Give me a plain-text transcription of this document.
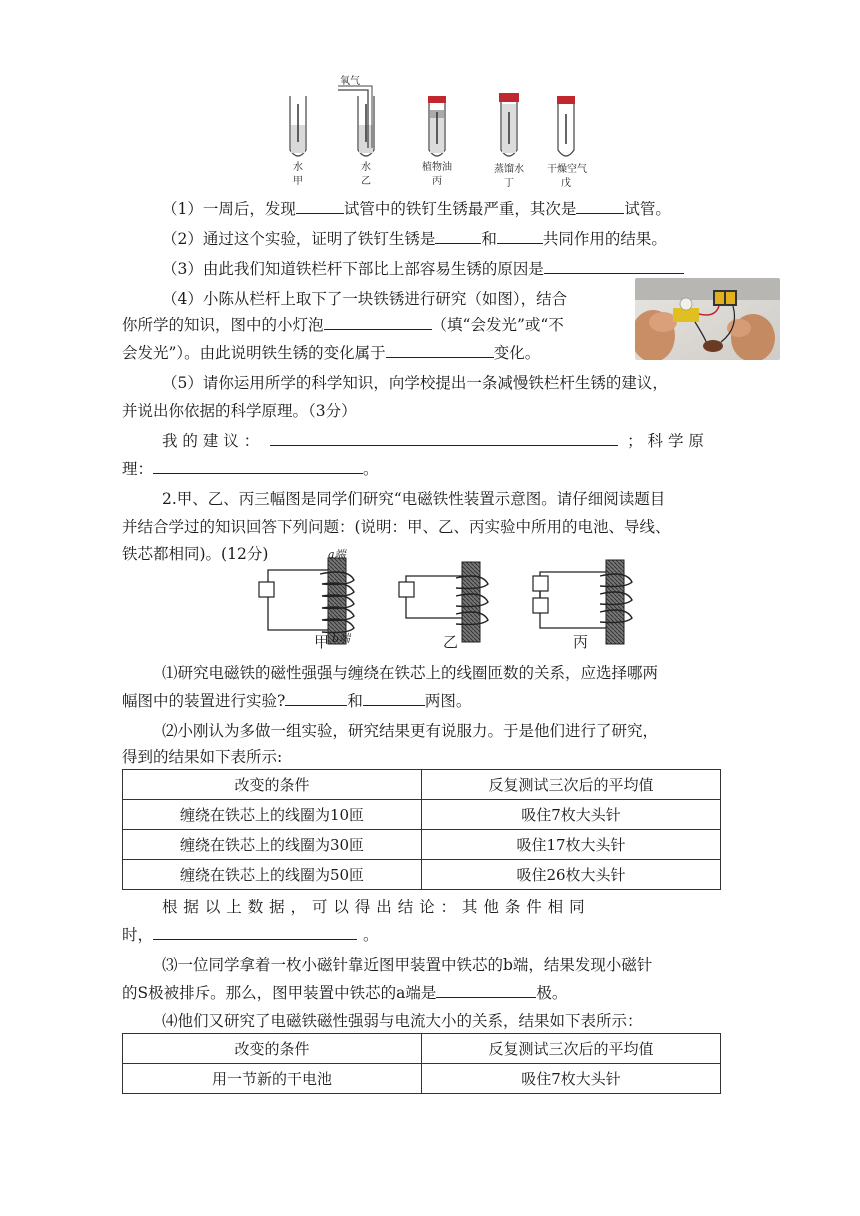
氧气
水
甲
水
乙
植物油
丙
蒸馏水
丁
干燥空气
戊
（1）一周后，发现	试管中的铁钉生锈最严重，其次是	试管。
（2）通过这个实验，证明了铁钉生锈是	和	共同作用的结果。
（3）由此我们知道铁栏杆下部比上部容易生锈的原因是
（4）小陈从栏杆上取下了一块铁锈进行研究（如图），结合
你所学的知识，图中的小灯泡	（填“会发光”或“不
会发光”）。由此说明铁生锈的变化属于	变化。
（5）请你运用所学的科学知识，向学校提出一条减慢铁栏杆生锈的建议，
并说出你依据的科学原理。（3分）
我 的 建 议 ：	； 科 学 原
理：	。
2.甲、乙、丙三幅图是同学们研究“电磁铁性装置示意图。请仔细阅读题目
并结合学过的知识回答下列问题：(说明：甲、乙、丙实验中所用的电池、导线、
铁芯都相同)。(12分)	a端
b端
甲	乙	丙
⑴研究电磁铁的磁性强强与缠绕在铁芯上的线圈匝数的关系，应选择哪两
幅图中的装置进行实验?	和	两图。
⑵小刚认为多做一组实验，研究结果更有说服力。于是他们进行了研究，
得到的结果如下表所示:
改变的条件	反复测试三次后的平均值
缠绕在铁芯上的线圈为10匝	吸住7枚大头针
缠绕在铁芯上的线圈为30匝	吸住17枚大头针
缠绕在铁芯上的线圈为50匝	吸住26枚大头针
根 据 以 上 数 据 ， 可 以 得 出 结 论 ： 其 他 条 件 相 同
时，	。
⑶一位同学拿着一枚小磁针靠近图甲装置中铁芯的b端，结果发现小磁针
的S极被排斥。那么，图甲装置中铁芯的a端是	极。
⑷他们又研究了电磁铁磁性强弱与电流大小的关系，结果如下表所示：
改变的条件	反复测试三次后的平均值
用一节新的干电池	吸住7枚大头针
